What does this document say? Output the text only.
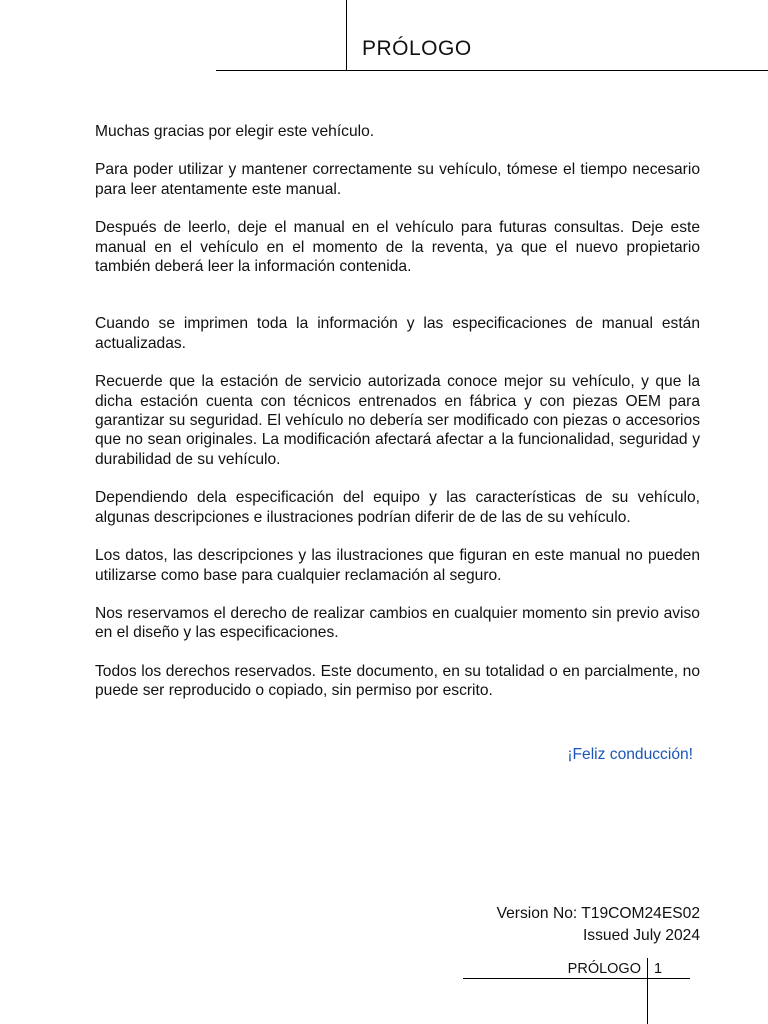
PRÓLOGO

Muchas gracias por elegir este vehículo.

Para poder utilizar y mantener correctamente su vehículo, tómese el tiempo necesario para leer atentamente este manual.

Después de leerlo, deje el manual en el vehículo para futuras consultas. Deje este manual en el vehículo en el momento de la reventa, ya que el nuevo propietario también deberá leer la información contenida.

Cuando se imprimen toda la información y las especificaciones de manual están actualizadas.

Recuerde que la estación de servicio autorizada conoce mejor su vehículo, y que la dicha estación cuenta con técnicos entrenados en fábrica y con piezas OEM para garantizar su seguridad. El vehículo no debería ser modificado con piezas o accesorios que no sean originales. La modificación afectará afectar a la funcionalidad, seguridad y durabilidad de su vehículo.

Dependiendo dela especificación del equipo y las características de su vehículo, algunas descripciones e ilustraciones podrían diferir de de las de su vehículo.

Los datos, las descripciones y las ilustraciones que figuran en este manual no pueden utilizarse como base para cualquier reclamación al seguro.

Nos reservamos el derecho de realizar cambios en cualquier momento sin previo aviso en el diseño y las especificaciones.

Todos los derechos reservados. Este documento, en su totalidad o en parcialmente, no puede ser reproducido o copiado, sin permiso por escrito.

¡Feliz conducción!
Version No: T19COM24ES02
Issued July 2024
PRÓLOGO 1
